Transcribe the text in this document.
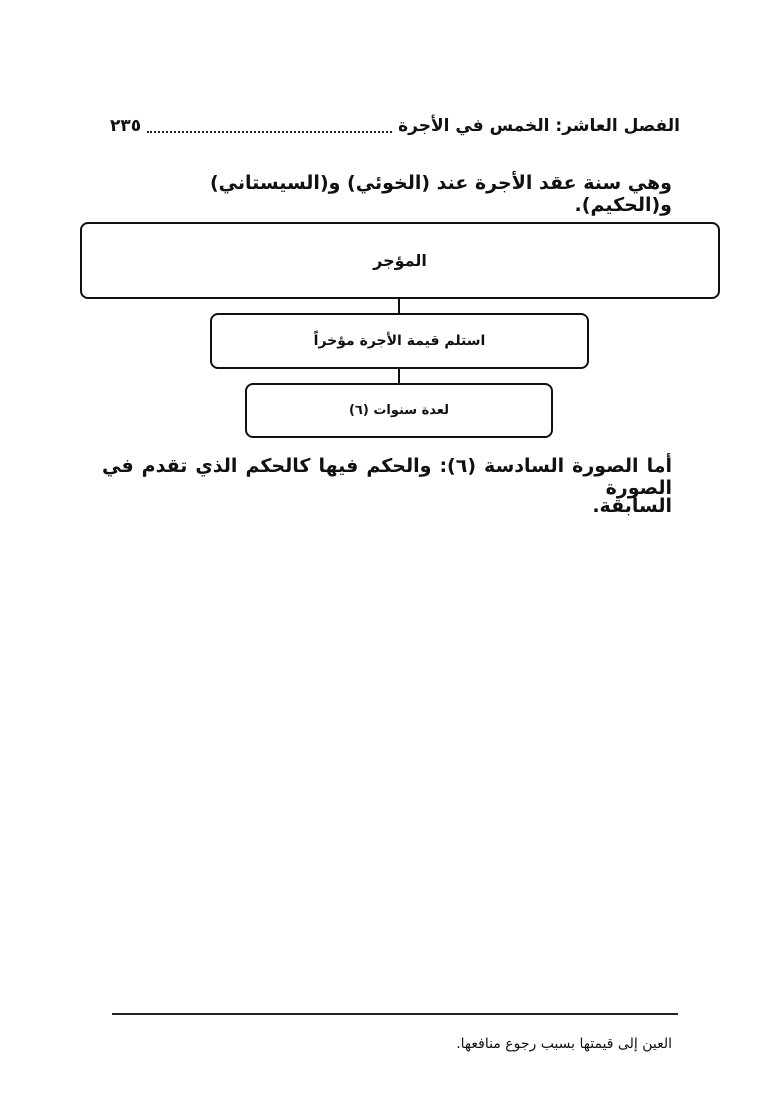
الفصل العاشر: الخمس في الأجرة
٢٣٥
وهي سنة عقد الأجرة عند (الخوئي) و(السيستاني) و(الحكيم).
المؤجر
استلم قيمة الأجرة مؤخراً
لعدة سنوات (٦)
أما الصورة السادسة (٦): والحكم فيها كالحكم الذي تقدم في الصورة
السابقة.
العين إلى قيمتها بسبب رجوع منافعها.
